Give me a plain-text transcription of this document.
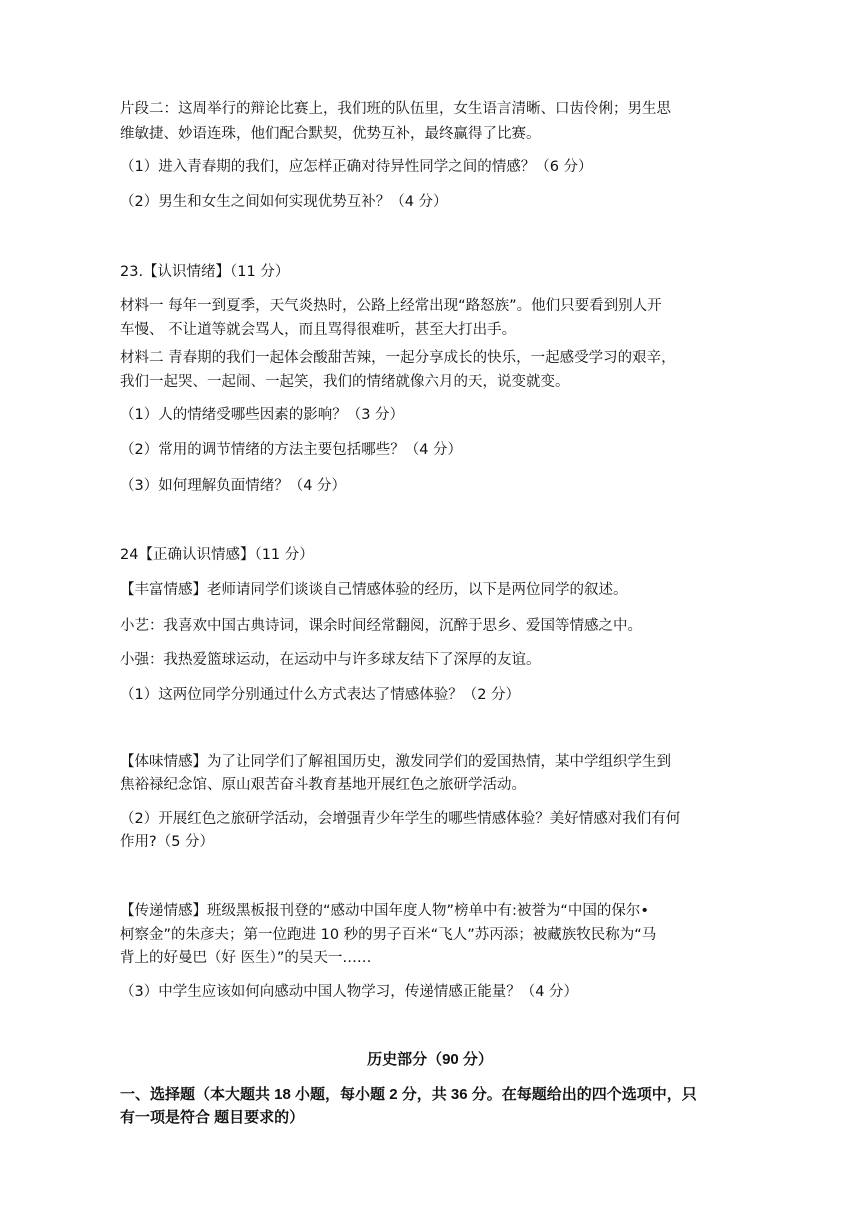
片段二：这周举行的辩论比赛上，我们班的队伍里，女生语言清晰、口齿伶俐；男生思
维敏捷、妙语连珠，他们配合默契，优势互补，最终赢得了比赛。
（1）进入青春期的我们，应怎样正确对待异性同学之间的情感？（6 分）
（2）男生和女生之间如何实现优势互补？（4 分）
23.【认识情绪】（11 分）
材料一 每年一到夏季，天气炎热时，公路上经常出现“路怒族”。他们只要看到别人开
车慢、 不让道等就会骂人，而且骂得很难听，甚至大打出手。
材料二 青春期的我们一起体会酸甜苦辣，一起分享成长的快乐，一起感受学习的艰辛，
我们一起哭、一起闹、一起笑，我们的情绪就像六月的天，说变就变。
（1）人的情绪受哪些因素的影响？（3 分）
（2）常用的调节情绪的方法主要包括哪些？（4 分）
（3）如何理解负面情绪？（4 分）
24【正确认识情感】（11 分）
【丰富情感】老师请同学们谈谈自己情感体验的经历，以下是两位同学的叙述。
小艺：我喜欢中国古典诗词，课余时间经常翻阅，沉醉于思乡、爱国等情感之中。
小强：我热爱篮球运动，在运动中与许多球友结下了深厚的友谊。
（1）这两位同学分别通过什么方式表达了情感体验？（2 分）
【体味情感】为了让同学们了解祖国历史，激发同学们的爱国热情，某中学组织学生到
焦裕禄纪念馆、原山艰苦奋斗教育基地开展红色之旅研学活动。
（2）开展红色之旅研学活动，会增强青少年学生的哪些情感体验？美好情感对我们有何
作用?（5 分）
【传递情感】班级黑板报刊登的“感动中国年度人物”榜单中有:被誉为“中国的保尔•
柯察金”的朱彦夫；第一位跑进 10 秒的男子百米“飞人”苏丙添；被藏族牧民称为“马
背上的好曼巴（好 医生）”的吴天一……
（3）中学生应该如何向感动中国人物学习，传递情感正能量？（4 分）
历史部分（90 分）
一、选择题（本大题共 18 小题，每小题 2 分，共 36 分。在每题给出的四个选项中，只
有一项是符合 题目要求的）
